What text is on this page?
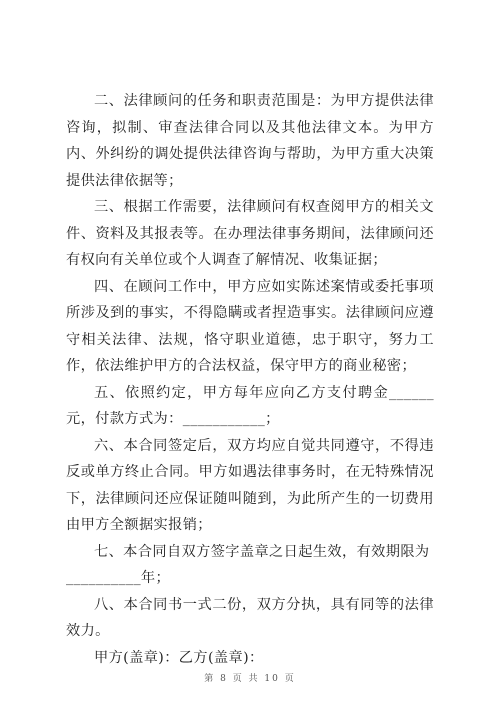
二、法律顾问的任务和职责范围是：为甲方提供法律咨询，拟制、审查法律合同以及其他法律文本。为甲方内、外纠纷的调处提供法律咨询与帮助，为甲方重大决策提供法律依据等；

三、根据工作需要，法律顾问有权查阅甲方的相关文件、资料及其报表等。在办理法律事务期间，法律顾问还有权向有关单位或个人调查了解情况、收集证据；

四、在顾问工作中，甲方应如实陈述案情或委托事项所涉及到的事实，不得隐瞒或者捏造事实。法律顾问应遵守相关法律、法规，恪守职业道德，忠于职守，努力工作，依法维护甲方的合法权益，保守甲方的商业秘密；

五、依照约定，甲方每年应向乙方支付聘金______元，付款方式为：___________；

六、本合同签定后，双方均应自觉共同遵守，不得违反或单方终止合同。甲方如遇法律事务时，在无特殊情况下，法律顾问还应保证随叫随到，为此所产生的一切费用由甲方全额据实报销；

七、本合同自双方签字盖章之日起生效，有效期限为

__________年；

八、本合同书一式二份，双方分执，具有同等的法律效力。

甲方(盖章)：乙方(盖章)：

第 8 页 共 10 页
